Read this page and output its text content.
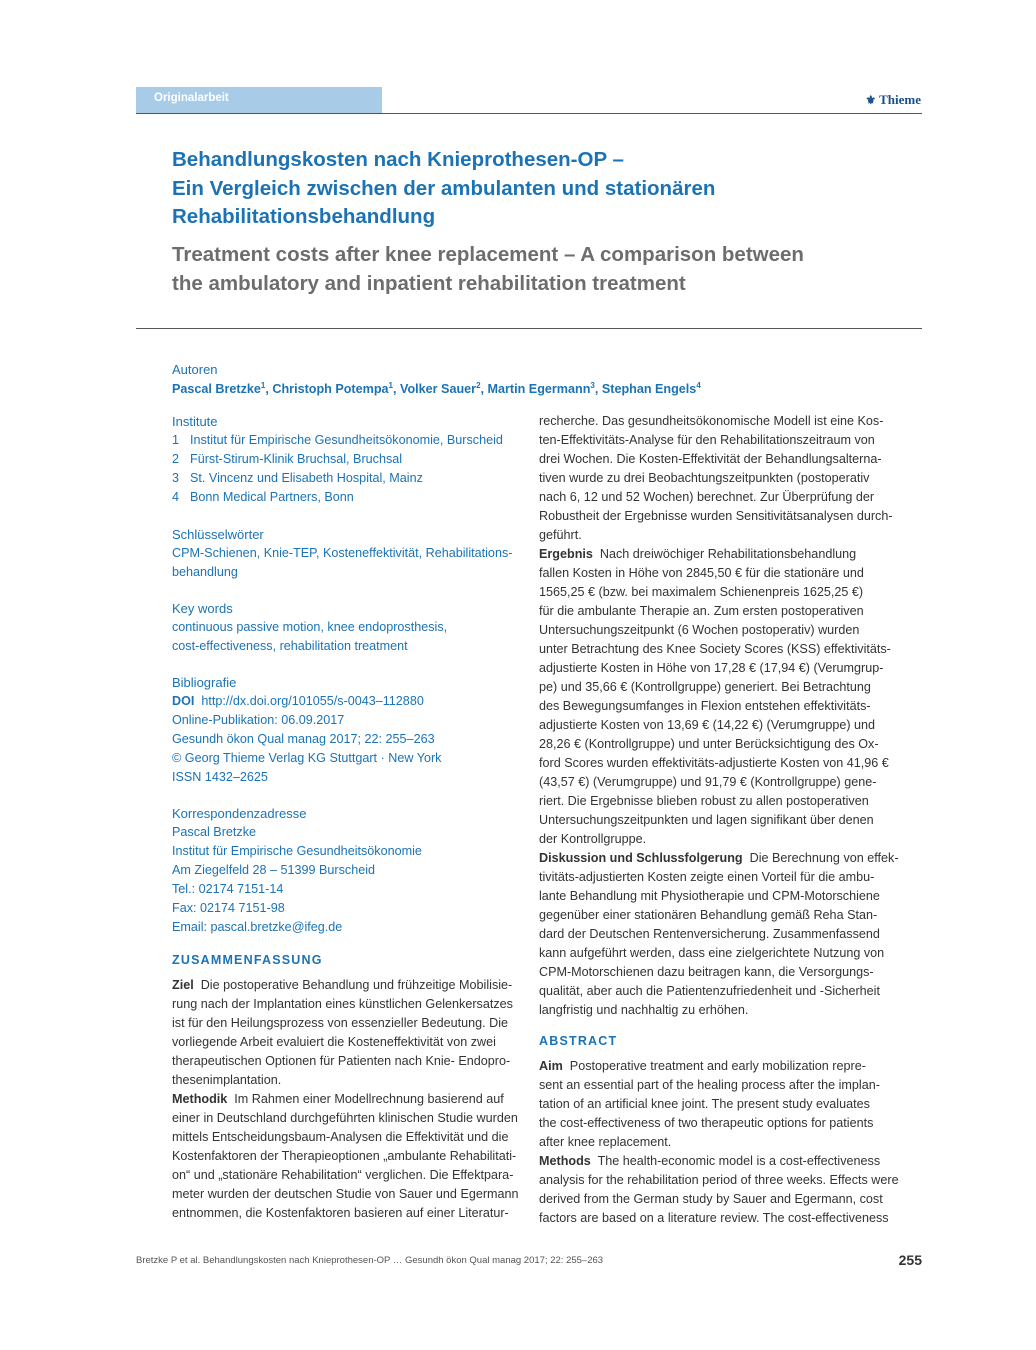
Originalarbeit	⚜ Thieme
Behandlungskosten nach Knieprothesen-OP –
Ein Vergleich zwischen der ambulanten und stationären
Rehabilitationsbehandlung
Treatment costs after knee replacement – A comparison between
the ambulatory and inpatient rehabilitation treatment
Autoren
Pascal Bretzke$^1$, Christoph Potempa$^1$, Volker Sauer$^2$, Martin Egermann$^3$, Stephan Engels$^4$
Institute
1 Institut für Empirische Gesundheitsökonomie, Burscheid
2 Fürst-Stirum-Klinik Bruchsal, Bruchsal
3 St. Vincenz und Elisabeth Hospital, Mainz
4 Bonn Medical Partners, Bonn
Schlüsselwörter
CPM-Schienen, Knie-TEP, Kosteneffektivität, Rehabilitations-
behandlung
Key words
continuous passive motion, knee endoprosthesis,
cost-effectiveness, rehabilitation treatment
Bibliografie
DOI http://dx.doi.org/101055/s-0043–112880
Online-Publikation: 06.09.2017
Gesundh ökon Qual manag 2017; 22: 255–263
© Georg Thieme Verlag KG Stuttgart · New York
ISSN 1432–2625
Korrespondenzadresse
Pascal Bretzke
Institut für Empirische Gesundheitsökonomie
Am Ziegelfeld 28 – 51399 Burscheid
Tel.: 02174 7151-14
Fax: 02174 7151-98
Email: pascal.bretzke@ifeg.de
ZUSAMMENFASSUNG
Ziel Die postoperative Behandlung und frühzeitige Mobilisie-
rung nach der Implantation eines künstlichen Gelenkersatzes
ist für den Heilungsprozess von essenzieller Bedeutung. Die
vorliegende Arbeit evaluiert die Kosteneffektivität von zwei
therapeutischen Optionen für Patienten nach Knie- Endopro-
thesenimplantation.
Methodik Im Rahmen einer Modellrechnung basierend auf
einer in Deutschland durchgeführten klinischen Studie wurden
mittels Entscheidungsbaum-Analysen die Effektivität und die
Kostenfaktoren der Therapieoptionen „ambulante Rehabilitati-
on“ und „stationäre Rehabilitation“ verglichen. Die Effektpara-
meter wurden der deutschen Studie von Sauer und Egermann
entnommen, die Kostenfaktoren basieren auf einer Literatur-
recherche. Das gesundheitsökonomische Modell ist eine Kos-
ten-Effektivitäts-Analyse für den Rehabilitationszeitraum von
drei Wochen. Die Kosten-Effektivität der Behandlungsalterna-
tiven wurde zu drei Beobachtungszeitpunkten (postoperativ
nach 6, 12 und 52 Wochen) berechnet. Zur Überprüfung der
Robustheit der Ergebnisse wurden Sensitivitätsanalysen durch-
geführt.
Ergebnis Nach dreiwöchiger Rehabilitationsbehandlung
fallen Kosten in Höhe von 2845,50 € für die stationäre und
1565,25 € (bzw. bei maximalem Schienenpreis 1625,25 €)
für die ambulante Therapie an. Zum ersten postoperativen
Untersuchungszeitpunkt (6 Wochen postoperativ) wurden
unter Betrachtung des Knee Society Scores (KSS) effektivitäts-
adjustierte Kosten in Höhe von 17,28 € (17,94 €) (Verumgrup-
pe) und 35,66 € (Kontrollgruppe) generiert. Bei Betrachtung
des Bewegungsumfanges in Flexion entstehen effektivitäts-
adjustierte Kosten von 13,69 € (14,22 €) (Verumgruppe) und
28,26 € (Kontrollgruppe) und unter Berücksichtigung des Ox-
ford Scores wurden effektivitäts-adjustierte Kosten von 41,96 €
(43,57 €) (Verumgruppe) und 91,79 € (Kontrollgruppe) gene-
riert. Die Ergebnisse blieben robust zu allen postoperativen
Untersuchungszeitpunkten und lagen signifikant über denen
der Kontrollgruppe.
Diskussion und Schlussfolgerung Die Berechnung von effek-
tivitäts-adjustierten Kosten zeigte einen Vorteil für die ambu-
lante Behandlung mit Physiotherapie und CPM-Motorschiene
gegenüber einer stationären Behandlung gemäß Reha Stan-
dard der Deutschen Rentenversicherung. Zusammenfassend
kann aufgeführt werden, dass eine zielgerichtete Nutzung von
CPM-Motorschienen dazu beitragen kann, die Versorgungs-
qualität, aber auch die Patientenzufriedenheit und -Sicherheit
langfristig und nachhaltig zu erhöhen.
ABSTRACT
Aim Postoperative treatment and early mobilization repre-
sent an essential part of the healing process after the implan-
tation of an artificial knee joint. The present study evaluates
the cost-effectiveness of two therapeutic options for patients
after knee replacement.
Methods The health-economic model is a cost-effectiveness
analysis for the rehabilitation period of three weeks. Effects were
derived from the German study by Sauer and Egermann, cost
factors are based on a literature review. The cost-effectiveness
Bretzke P et al. Behandlungskosten nach Knieprothesen-OP … Gesundh ökon Qual manag 2017; 22: 255–263	255
